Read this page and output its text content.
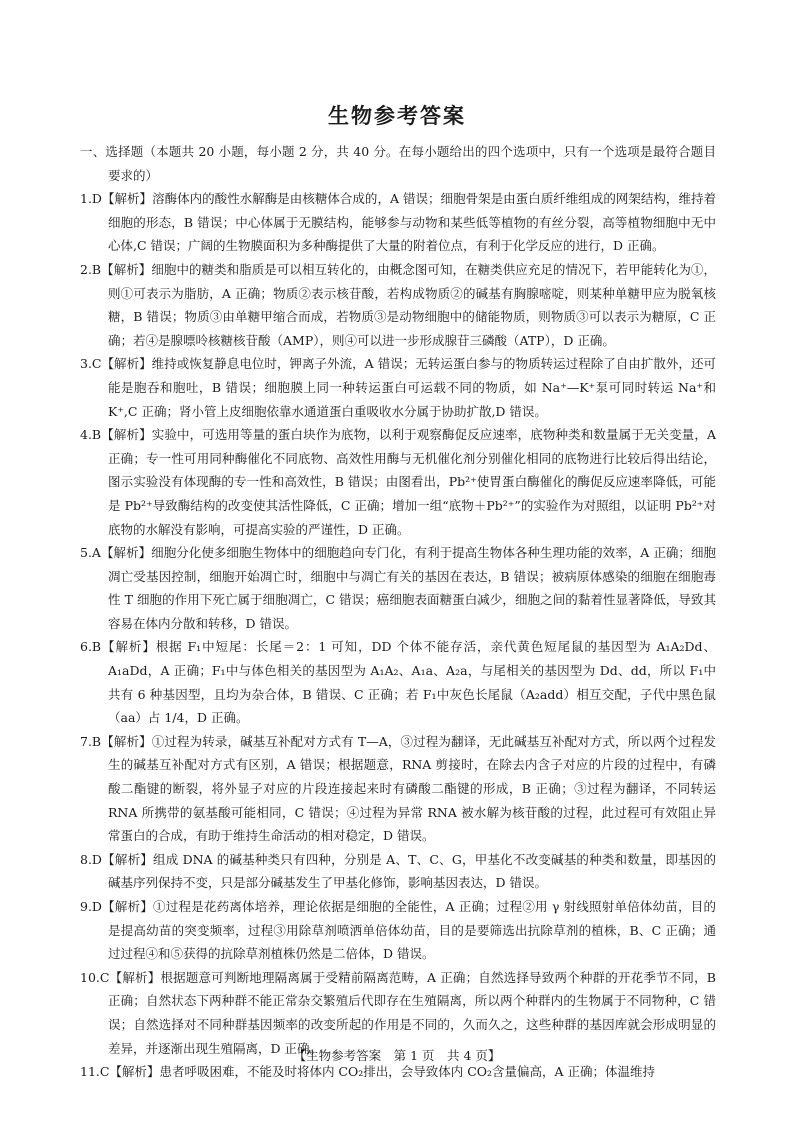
生物参考答案

一、选择题（本题共 20 小题，每小题 2 分，共 40 分。在每小题给出的四个选项中，只有一个选项是最符合题目要求的）

1.D【解析】溶酶体内的酸性水解酶是由核糖体合成的，A 错误；细胞骨架是由蛋白质纤维组成的网架结构，维持着细胞的形态，B 错误；中心体属于无膜结构，能够参与动物和某些低等植物的有丝分裂，高等植物细胞中无中心体,C 错误；广阔的生物膜面积为多种酶提供了大量的附着位点，有利于化学反应的进行，D 正确。

2.B【解析】细胞中的糖类和脂质是可以相互转化的，由概念图可知，在糖类供应充足的情况下，若甲能转化为①，则①可表示为脂肪，A 正确；物质②表示核苷酸，若构成物质②的碱基有胸腺嘧啶，则某种单糖甲应为脱氧核糖，B 错误；物质③由单糖甲缩合而成，若物质③是动物细胞中的储能物质，则物质③可以表示为糖原，C 正确；若④是腺嘌呤核糖核苷酸（AMP），则④可以进一步形成腺苷三磷酸（ATP），D 正确。

3.C【解析】维持或恢复静息电位时，钾离子外流，A 错误；无转运蛋白参与的物质转运过程除了自由扩散外，还可能是胞吞和胞吐，B 错误；细胞膜上同一种转运蛋白可运载不同的物质，如 Na⁺—K⁺泵可同时转运 Na⁺和 K⁺,C 正确；肾小管上皮细胞依靠水通道蛋白重吸收水分属于协助扩散,D 错误。

4.B【解析】实验中，可选用等量的蛋白块作为底物，以利于观察酶促反应速率，底物种类和数量属于无关变量，A 正确；专一性可用同种酶催化不同底物、高效性用酶与无机催化剂分别催化相同的底物进行比较后得出结论，图示实验没有体现酶的专一性和高效性，B 错误；由图看出，Pb²⁺使胃蛋白酶催化的酶促反应速率降低，可能是 Pb²⁺导致酶结构的改变使其活性降低，C 正确；增加一组“底物＋Pb²⁺”的实验作为对照组，以证明 Pb²⁺对底物的水解没有影响，可提高实验的严谨性，D 正确。

5.A【解析】细胞分化使多细胞生物体中的细胞趋向专门化，有利于提高生物体各种生理功能的效率，A 正确；细胞凋亡受基因控制，细胞开始凋亡时，细胞中与凋亡有关的基因在表达，B 错误；被病原体感染的细胞在细胞毒性 T 细胞的作用下死亡属于细胞凋亡，C 错误；癌细胞表面糖蛋白减少，细胞之间的黏着性显著降低，导致其容易在体内分散和转移，D 错误。

6.B【解析】根据 F₁中短尾：长尾＝2：1 可知，DD 个体不能存活，亲代黄色短尾鼠的基因型为 A₁A₂Dd、A₁aDd，A 正确；F₁中与体色相关的基因型为 A₁A₂、A₁a、A₂a，与尾相关的基因型为 Dd、dd，所以 F₁中共有 6 种基因型，且均为杂合体，B 错误、C 正确；若 F₁中灰色长尾鼠（A₂add）相互交配，子代中黑色鼠（aa）占 1/4，D 正确。

7.B【解析】①过程为转录，碱基互补配对方式有 T—A，③过程为翻译，无此碱基互补配对方式，所以两个过程发生的碱基互补配对方式有区别，A 错误；根据题意，RNA 剪接时，在除去内含子对应的片段的过程中，有磷酸二酯键的断裂，将外显子对应的片段连接起来时有磷酸二酯键的形成，B 正确；③过程为翻译，不同转运 RNA 所携带的氨基酸可能相同，C 错误；④过程为异常 RNA 被水解为核苷酸的过程，此过程可有效阻止异常蛋白的合成，有助于维持生命活动的相对稳定，D 错误。

8.D【解析】组成 DNA 的碱基种类只有四种，分别是 A、T、C、G，甲基化不改变碱基的种类和数量，即基因的碱基序列保持不变，只是部分碱基发生了甲基化修饰，影响基因表达，D 错误。

9.D【解析】①过程是花药离体培养，理论依据是细胞的全能性，A 正确；过程②用 γ 射线照射单倍体幼苗，目的是提高幼苗的突变频率，过程③用除草剂喷洒单倍体幼苗，目的是要筛选出抗除草剂的植株，B、C 正确；通过过程④和⑤获得的抗除草剂植株仍然是二倍体，D 错误。

10.C【解析】根据题意可判断地理隔离属于受精前隔离范畴，A 正确；自然选择导致两个种群的开花季节不同，B 正确；自然状态下两种群不能正常杂交繁殖后代即存在生殖隔离，所以两个种群内的生物属于不同物种，C 错误；自然选择对不同种群基因频率的改变所起的作用是不同的，久而久之，这些种群的基因库就会形成明显的差异，并逐渐出现生殖隔离，D 正确。

11.C【解析】患者呼吸困难，不能及时将体内 CO₂排出，会导致体内 CO₂含量偏高，A 正确；体温维持

【生物参考答案　第 1 页　共 4 页】
